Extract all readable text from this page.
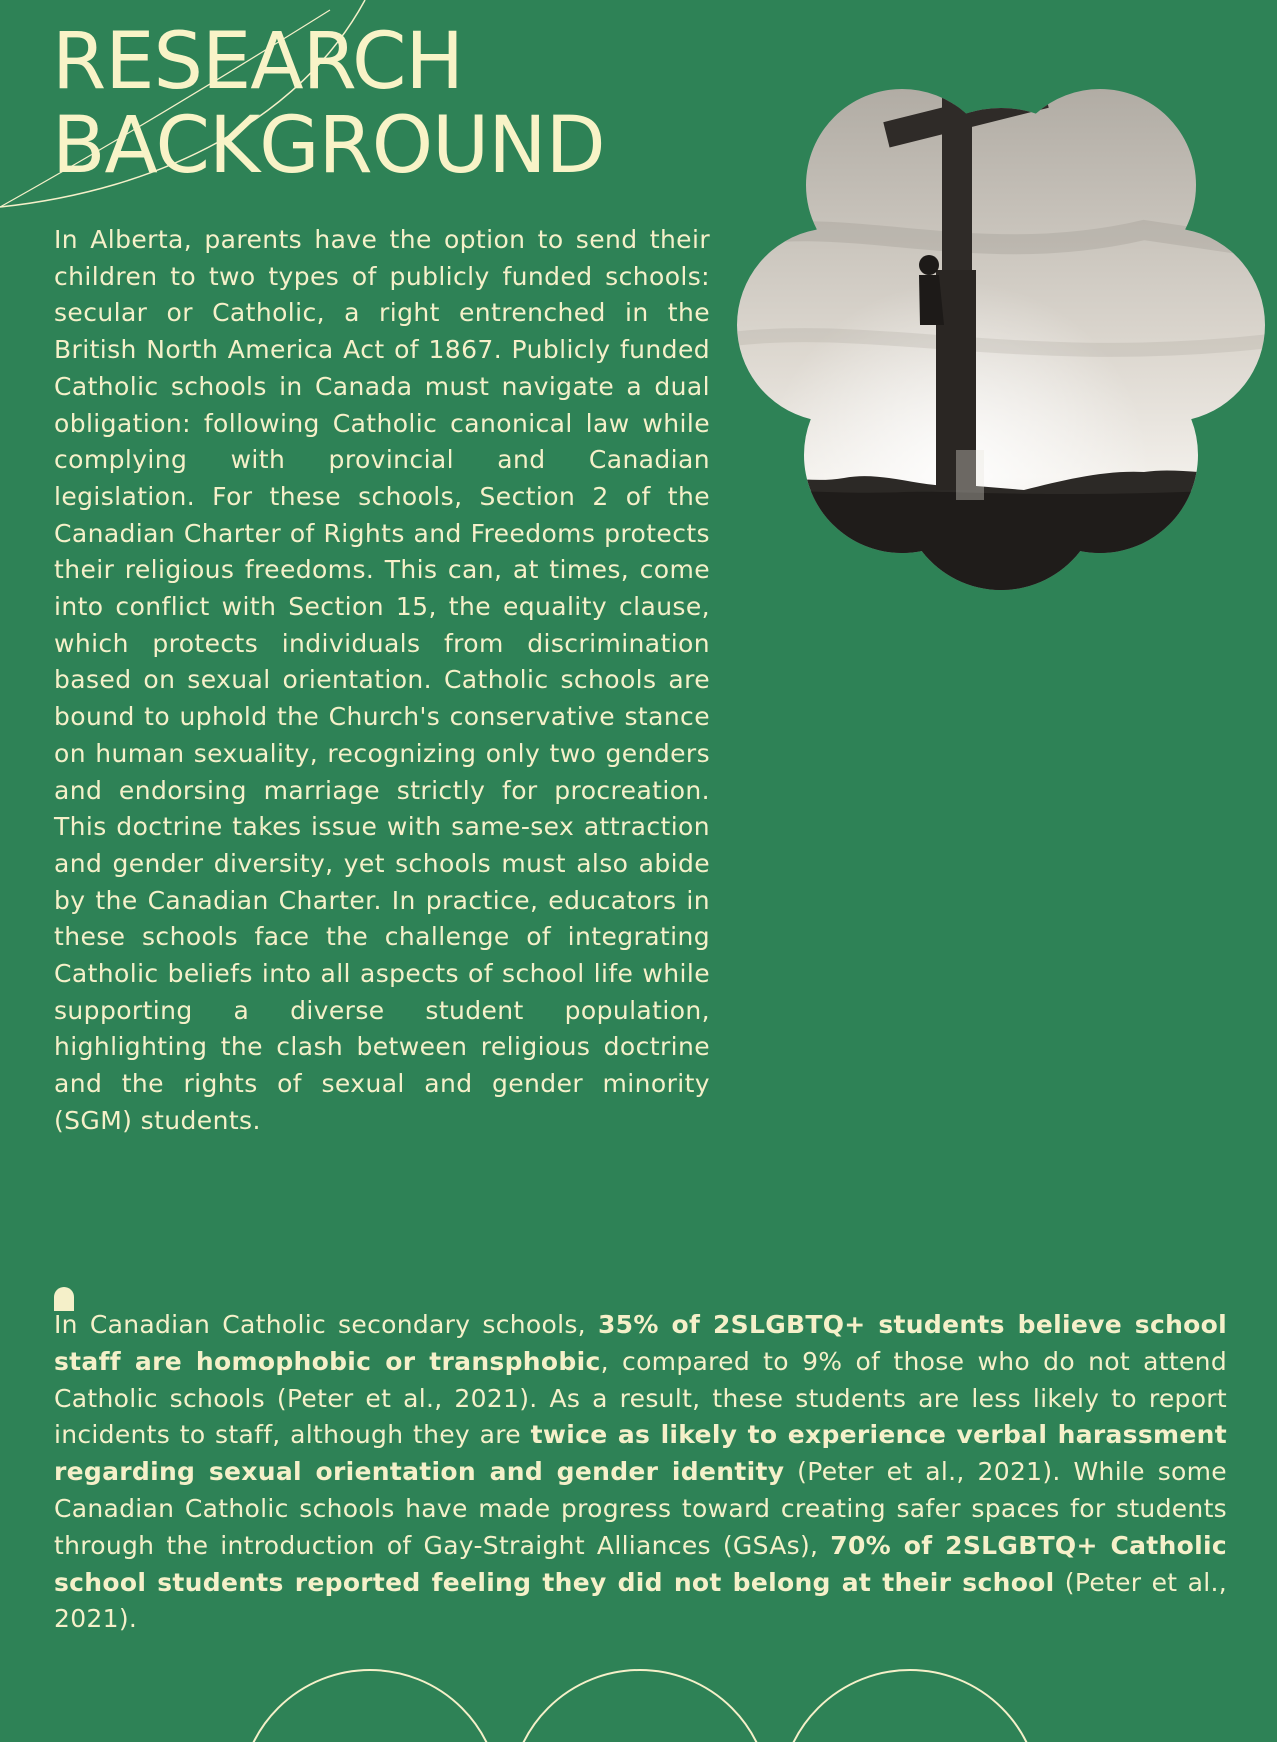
RESEARCH
BACKGROUND

In Alberta, parents have the option to send their children to two types of publicly funded schools: secular or Catholic, a right entrenched in the British North America Act of 1867. Publicly funded Catholic schools in Canada must navigate a dual obligation: following Catholic canonical law while complying with provincial and Canadian legislation. For these schools, Section 2 of the Canadian Charter of Rights and Freedoms protects their religious freedoms. This can, at times, come into conflict with Section 15, the equality clause, which protects individuals from discrimination based on sexual orientation. Catholic schools are bound to uphold the Church's conservative stance on human sexuality, recognizing only two genders and endorsing marriage strictly for procreation. This doctrine takes issue with same-sex attraction and gender diversity, yet schools must also abide by the Canadian Charter. In practice, educators in these schools face the challenge of integrating Catholic beliefs into all aspects of school life while supporting a diverse student population, highlighting the clash between religious doctrine and the rights of sexual and gender minority (SGM) students.

In Canadian Catholic secondary schools, 35% of 2SLGBTQ+ students believe school staff are homophobic or transphobic, compared to 9% of those who do not attend Catholic schools (Peter et al., 2021). As a result, these students are less likely to report incidents to staff, although they are twice as likely to experience verbal harassment regarding sexual orientation and gender identity (Peter et al., 2021). While some Canadian Catholic schools have made progress toward creating safer spaces for students through the introduction of Gay-Straight Alliances (GSAs), 70% of 2SLGBTQ+ Catholic school students reported feeling they did not belong at their school (Peter et al., 2021).
